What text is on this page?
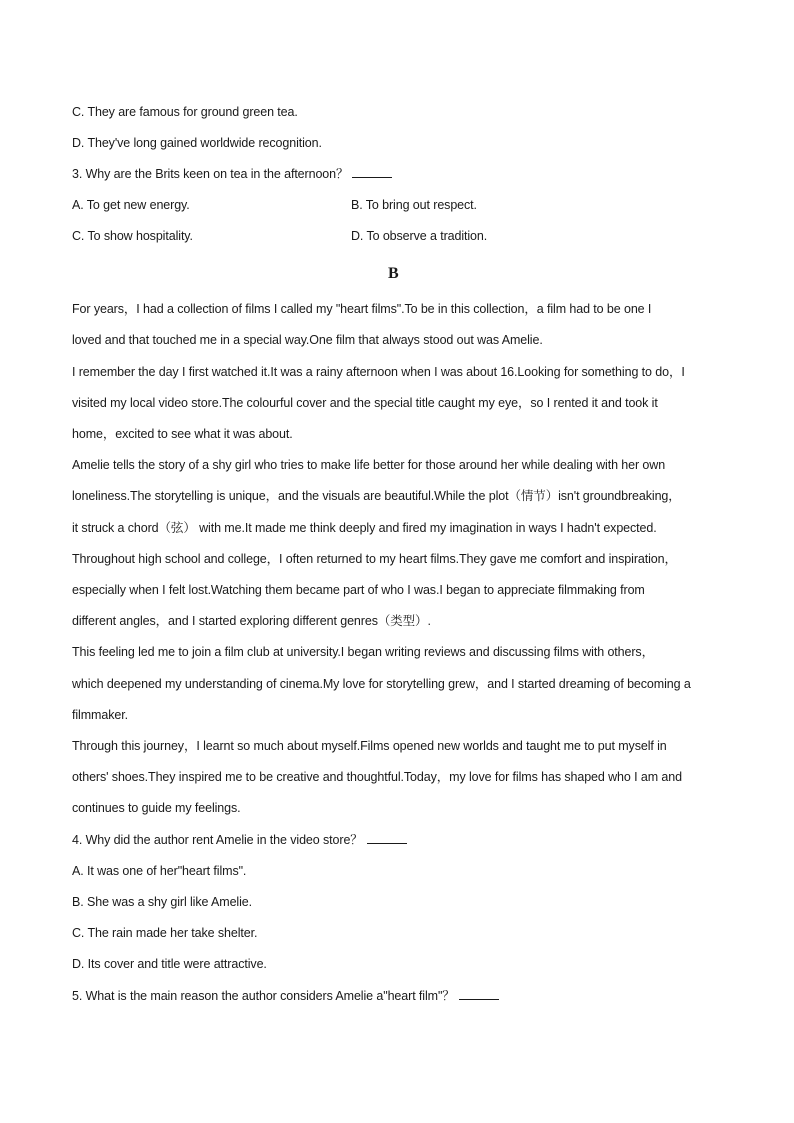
C. They are famous for ground green tea.
D. They've long gained worldwide recognition.
3. Why are the Brits keen on tea in the afternoon？
A. To get new energy.	B. To bring out respect.
C. To show hospitality.	D. To observe a tradition.
B
For years，I had a collection of films I called my "heart films".To be in this collection，a film had to be one I
loved and that touched me in a special way.One film that always stood out was Amelie.
I remember the day I first watched it.It was a rainy afternoon when I was about 16.Looking for something to do，I
visited my local video store.The colourful cover and the special title caught my eye，so I rented it and took it
home，excited to see what it was about.
Amelie tells the story of a shy girl who tries to make life better for those around her while dealing with her own
loneliness.The storytelling is unique，and the visuals are beautiful.While the plot（情节）isn't groundbreaking，
it struck a chord（弦） with me.It made me think deeply and fired my imagination in ways I hadn't expected.
Throughout high school and college，I often returned to my heart films.They gave me comfort and inspiration，
especially when I felt lost.Watching them became part of who I was.I began to appreciate filmmaking from
different angles，and I started exploring different genres（类型）.
This feeling led me to join a film club at university.I began writing reviews and discussing films with others，
which deepened my understanding of cinema.My love for storytelling grew，and I started dreaming of becoming a
filmmaker.
Through this journey，I learnt so much about myself.Films opened new worlds and taught me to put myself in
others' shoes.They inspired me to be creative and thoughtful.Today，my love for films has shaped who I am and
continues to guide my feelings.
4. Why did the author rent Amelie in the video store？
A. It was one of her"heart films".
B. She was a shy girl like Amelie.
C. The rain made her take shelter.
D. Its cover and title were attractive.
5. What is the main reason the author considers Amelie a"heart film"？
